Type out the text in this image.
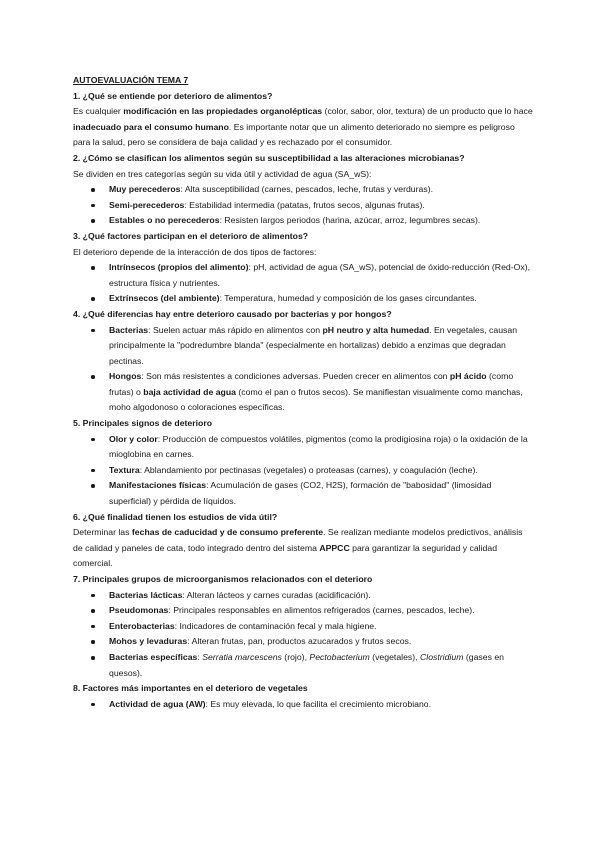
AUTOEVALUACIÓN TEMA 7

1. ¿Qué se entiende por deterioro de alimentos?

Es cualquier modificación en las propiedades organolépticas (color, sabor, olor, textura) de un producto que lo hace inadecuado para el consumo humano. Es importante notar que un alimento deteriorado no siempre es peligroso para la salud, pero se considera de baja calidad y es rechazado por el consumidor.

2. ¿Cómo se clasifican los alimentos según su susceptibilidad a las alteraciones microbianas?

Se dividen en tres categorías según su vida útil y actividad de agua (SA_wS):

Muy perecederos: Alta susceptibilidad (carnes, pescados, leche, frutas y verduras).
Semi-perecederos: Estabilidad intermedia (patatas, frutos secos, algunas frutas).
Estables o no perecederos: Resisten largos periodos (harina, azúcar, arroz, legumbres secas).

3. ¿Qué factores participan en el deterioro de alimentos?

El deterioro depende de la interacción de dos tipos de factores:

Intrínsecos (propios del alimento): pH, actividad de agua (SA_wS), potencial de óxido-reducción (Red-Ox), estructura física y nutrientes.
Extrínsecos (del ambiente): Temperatura, humedad y composición de los gases circundantes.

4. ¿Qué diferencias hay entre deterioro causado por bacterias y por hongos?

Bacterias: Suelen actuar más rápido en alimentos con pH neutro y alta humedad. En vegetales, causan principalmente la "podredumbre blanda" (especialmente en hortalizas) debido a enzimas que degradan pectinas.
Hongos: Son más resistentes a condiciones adversas. Pueden crecer en alimentos con pH ácido (como frutas) o baja actividad de agua (como el pan o frutos secos). Se manifiestan visualmente como manchas, moho algodonoso o coloraciones específicas.

5. Principales signos de deterioro

Olor y color: Producción de compuestos volátiles, pigmentos (como la prodigiosina roja) o la oxidación de la mioglobina en carnes.
Textura: Ablandamiento por pectinasas (vegetales) o proteasas (carnes), y coagulación (leche).
Manifestaciones físicas: Acumulación de gases (CO2, H2S), formación de "babosidad" (limosidad superficial) y pérdida de líquidos.

6. ¿Qué finalidad tienen los estudios de vida útil?

Determinar las fechas de caducidad y de consumo preferente. Se realizan mediante modelos predictivos, análisis de calidad y paneles de cata, todo integrado dentro del sistema APPCC para garantizar la seguridad y calidad comercial.

7. Principales grupos de microorganismos relacionados con el deterioro

Bacterias lácticas: Alteran lácteos y carnes curadas (acidificación).
Pseudomonas: Principales responsables en alimentos refrigerados (carnes, pescados, leche).
Enterobacterias: Indicadores de contaminación fecal y mala higiene.
Mohos y levaduras: Alteran frutas, pan, productos azucarados y frutos secos.
Bacterias específicas: Serratia marcescens (rojo), Pectobacterium (vegetales), Clostridium (gases en quesos).

8. Factores más importantes en el deterioro de vegetales

Actividad de agua (AW): Es muy elevada, lo que facilita el crecimiento microbiano.
